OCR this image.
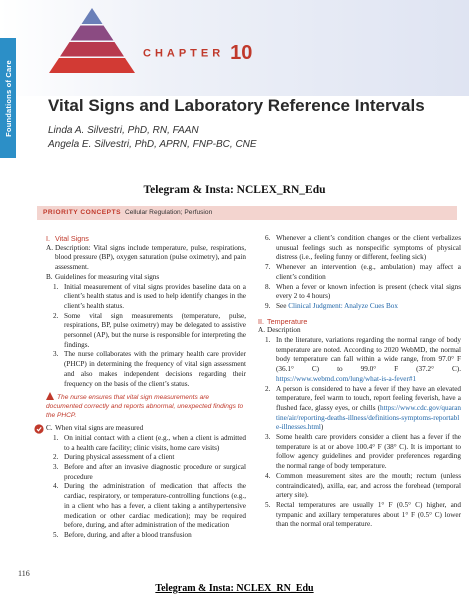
Foundations of Care
CHAPTER 10
Vital Signs and Laboratory Reference Intervals
Linda A. Silvestri, PhD, RN, FAAN
Angela E. Silvestri, PhD, APRN, FNP-BC, CNE
Telegram & Insta: NCLEX_RN_Edu
PRIORITY CONCEPTS Cellular Regulation; Perfusion
I. Vital Signs
A. Description: Vital signs include temperature, pulse, respirations, blood pressure (BP), oxygen saturation (pulse oximetry), and pain assessment.
B. Guidelines for measuring vital signs
1. Initial measurement of vital signs provides baseline data on a client’s health status and is used to help identify changes in the client’s health status.
2. Some vital sign measurements (temperature, pulse, respirations, BP, pulse oximetry) may be delegated to assistive personnel (AP), but the nurse is responsible for interpreting the findings.
3. The nurse collaborates with the primary health care provider (PHCP) in determining the frequency of vital sign assessment and also makes independent decisions regarding their frequency on the basis of the client’s status.
The nurse ensures that vital sign measurements are documented correctly and reports abnormal, unexpected findings to the PHCP.
C. When vital signs are measured
1. On initial contact with a client (e.g., when a client is admitted to a health care facility; clinic visits, home care visits)
2. During physical assessment of a client
3. Before and after an invasive diagnostic procedure or surgical procedure
4. During the administration of medication that affects the cardiac, respiratory, or temperature-controlling functions (e.g., in a client who has a fever, a client taking a antihypertensive medication or other cardiac medication); may be required before, during, and after administration of the medication
5. Before, during, and after a blood transfusion
6. Whenever a client’s condition changes or the client verbalizes unusual feelings such as nonspecific symptoms of physical distress (i.e., feeling funny or different, feeling sick)
7. Whenever an intervention (e.g., ambulation) may affect a client’s condition
8. When a fever or known infection is present (check vital signs every 2 to 4 hours)
9. See Clinical Judgment: Analyze Cues Box
II. Temperature
A. Description
1. In the literature, variations regarding the normal range of body temperature are noted. According to 2020 WebMD, the normal body temperature can fall within a wide range, from 97.0° F (36.1° C) to 99.0° F (37.2° C). https://www.webmd.com/lung/what-is-a-fever#1
2. A person is considered to have a fever if they have an elevated temperature, feel warm to touch, report feeling feverish, have a flushed face, glassy eyes, or chills (https://www.cdc.gov/quarantine/air/reporting-deaths-illness/definitions-symptoms-reportable-illnesses.html)
3. Some health care providers consider a client has a fever if the temperature is at or above 100.4° F (38° C). It is important to follow agency guidelines and provider preferences regarding the normal range of body temperature.
4. Common measurement sites are the mouth; rectum (unless contraindicated), axilla, ear, and across the forehead (temporal artery site).
5. Rectal temperatures are usually 1° F (0.5° C) higher, and tympanic and axillary temperatures about 1° F (0.5° C) lower than the normal oral temperature.
116
Telegram & Insta: NCLEX_RN_Edu
